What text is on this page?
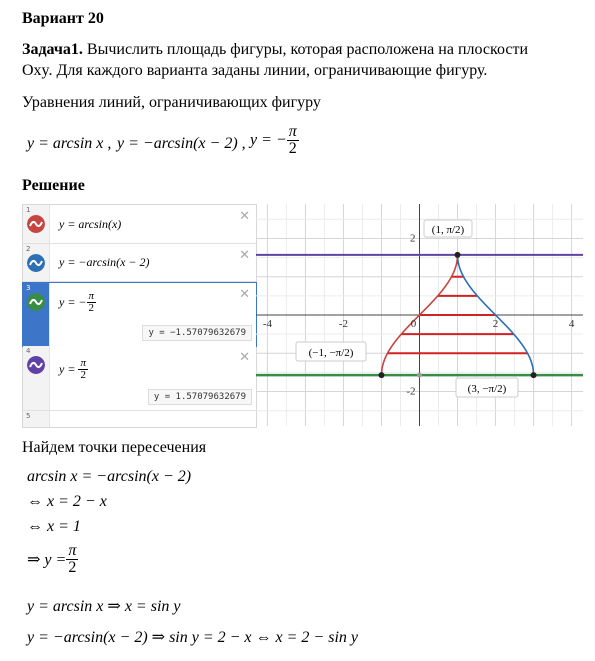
Вариант 20
Задача1. Вычислить площадь фигуры, которая расположена на плоскости
Oxy. Для каждого варианта заданы линии, ограничивающие фигуру.
Уравнения линий, ограничивающих фигуру
y = arcsin x , y = −arcsin(x − 2) , y = − $\frac{\pi}{2}$
Решение
1
y = arcsin(x)	✕
2
y = −arcsin(x − 2)	✕
3
y = − $\frac{\pi}{2}$	✕
y = −1.57079632679
4
$y = \frac{\pi}{2}$
✕
y = 1.57079632679
5
-4	-2	0	2	4
2
-2
(1, π/2)
(−1, −π/2)
(3, −π/2)
Найдем точки пересечения
arcsin x = −arcsin(x − 2)
⇔ x = 2 − x
⇔ x = 1
⇒ $y = \frac{\pi}{2}$
y = arcsin x ⇒ x = sin y
y = −arcsin(x − 2) ⇒ sin y = 2 − x ⇔ x = 2 − sin y
